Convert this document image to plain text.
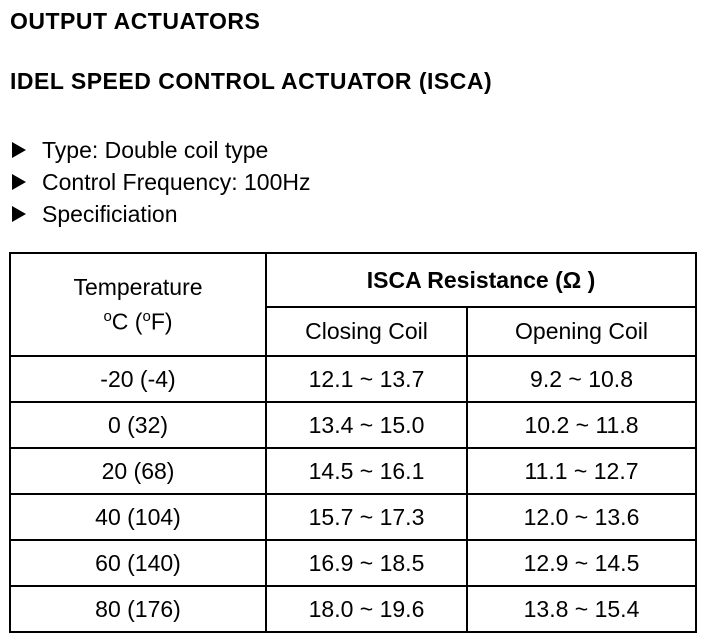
OUTPUT ACTUATORS
IDEL SPEED CONTROL ACTUATOR (ISCA)
Type: Double coil type
Control Frequency: 100Hz
Specificiation
Temperature
$^o$C ($^o$F)	ISCA Resistance (Ω )	
	Closing Coil	Opening Coil
-20 (-4)	12.1 ~ 13.7	9.2 ~ 10.8
0 (32)	13.4 ~ 15.0	10.2 ~ 11.8
20 (68)	14.5 ~ 16.1	11.1 ~ 12.7
40 (104)	15.7 ~ 17.3	12.0 ~ 13.6
60 (140)	16.9 ~ 18.5	12.9 ~ 14.5
80 (176)	18.0 ~ 19.6	13.8 ~ 15.4
